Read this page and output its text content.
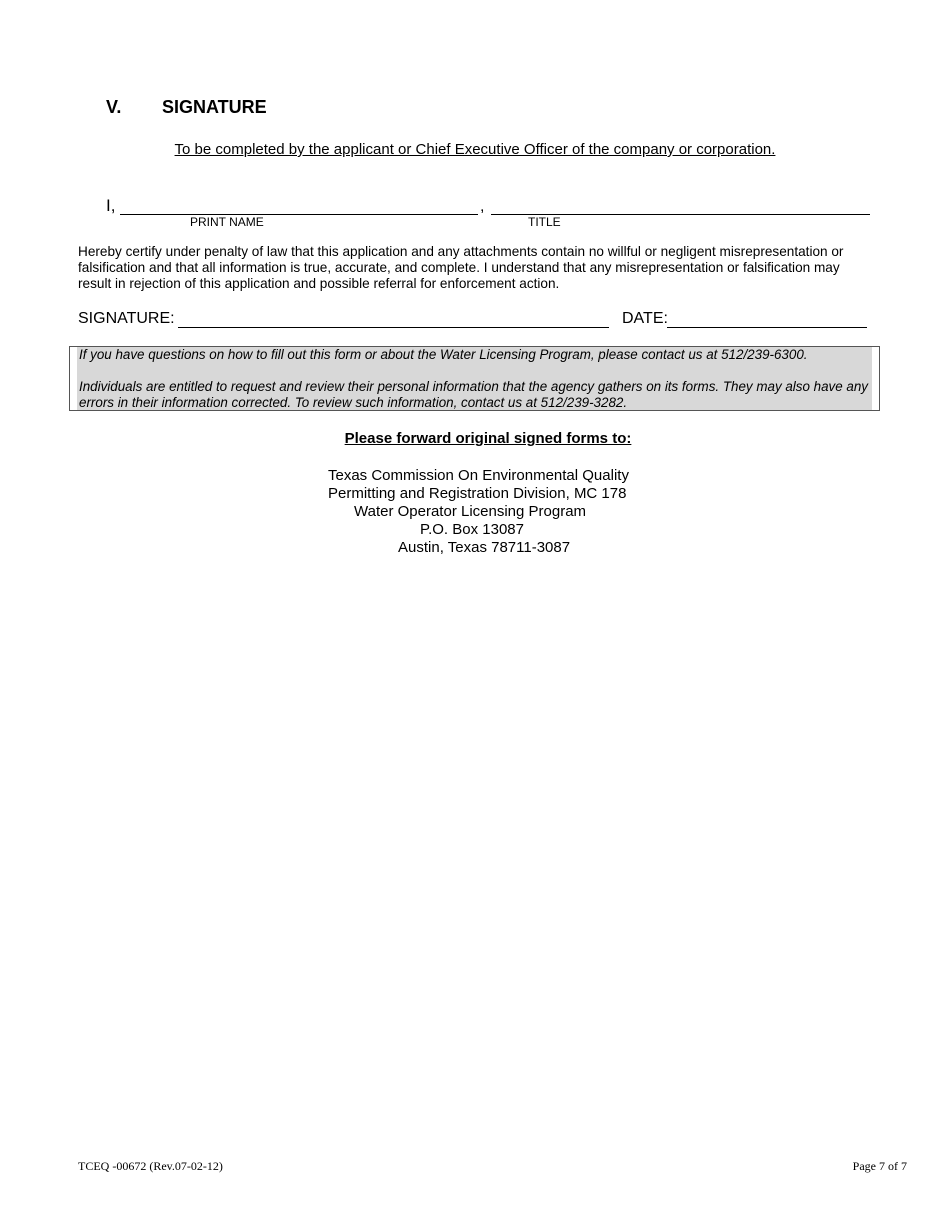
V. SIGNATURE
To be completed by the applicant or Chief Executive Officer of the company or corporation.
I,	,
PRINT NAME	TITLE
Hereby certify under penalty of law that this application and any attachments contain no willful or negligent misrepresentation or falsification and that all information is true, accurate, and complete. I understand that any misrepresentation or falsification may result in rejection of this application and possible referral for enforcement action.
SIGNATURE:	DATE:

If you have questions on how to fill out this form or about the Water Licensing Program, please contact us at 512/239-6300.

Individuals are entitled to request and review their personal information that the agency gathers on its forms. They may also have any errors in their information corrected. To review such information, contact us at 512/239-3282.

Please forward original signed forms to:
Texas Commission On Environmental Quality
Permitting and Registration Division, MC 178
Water Operator Licensing Program
P.O. Box 13087
Austin, Texas 78711-3087
TCEQ -00672 (Rev.07-02-12)	Page 7 of 7
